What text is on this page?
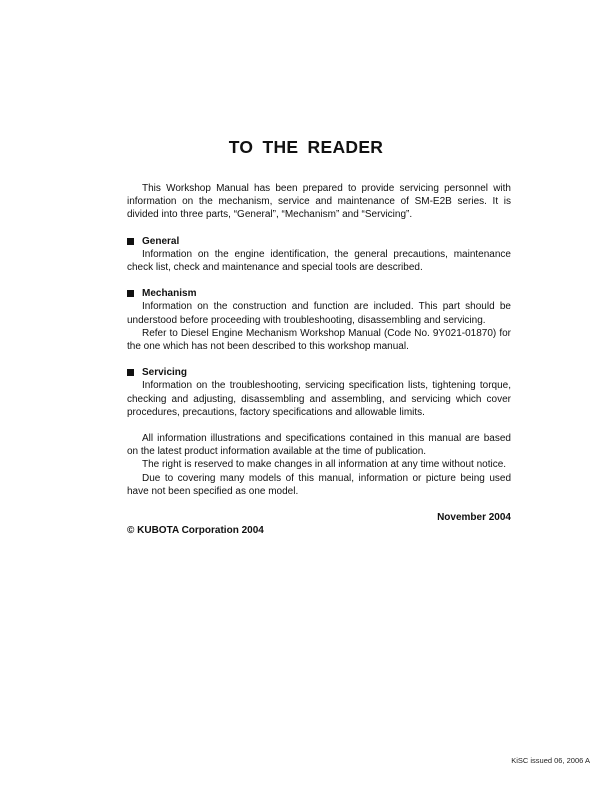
TO THE READER

This Workshop Manual has been prepared to provide servicing personnel with information on the mechanism, service and maintenance of SM-E2B series. It is divided into three parts, “General”, “Mechanism” and “Servicing”.

General

Information on the engine identification, the general precautions, maintenance check list, check and maintenance and special tools are described.

Mechanism

Information on the construction and function are included. This part should be understood before proceeding with troubleshooting, disassembling and servicing.

Refer to Diesel Engine Mechanism Workshop Manual (Code No. 9Y021-01870) for the one which has not been described to this workshop manual.

Servicing

Information on the troubleshooting, servicing specification lists, tightening torque, checking and adjusting, disassembling and assembling, and servicing which cover procedures, precautions, factory specifications and allowable limits.

All information illustrations and specifications contained in this manual are based on the latest product information available at the time of publication.

The right is reserved to make changes in all information at any time without notice.

Due to covering many models of this manual, information or picture being used have not been specified as one model.

November 2004

© KUBOTA Corporation 2004

KiSC issued 06, 2006 A
